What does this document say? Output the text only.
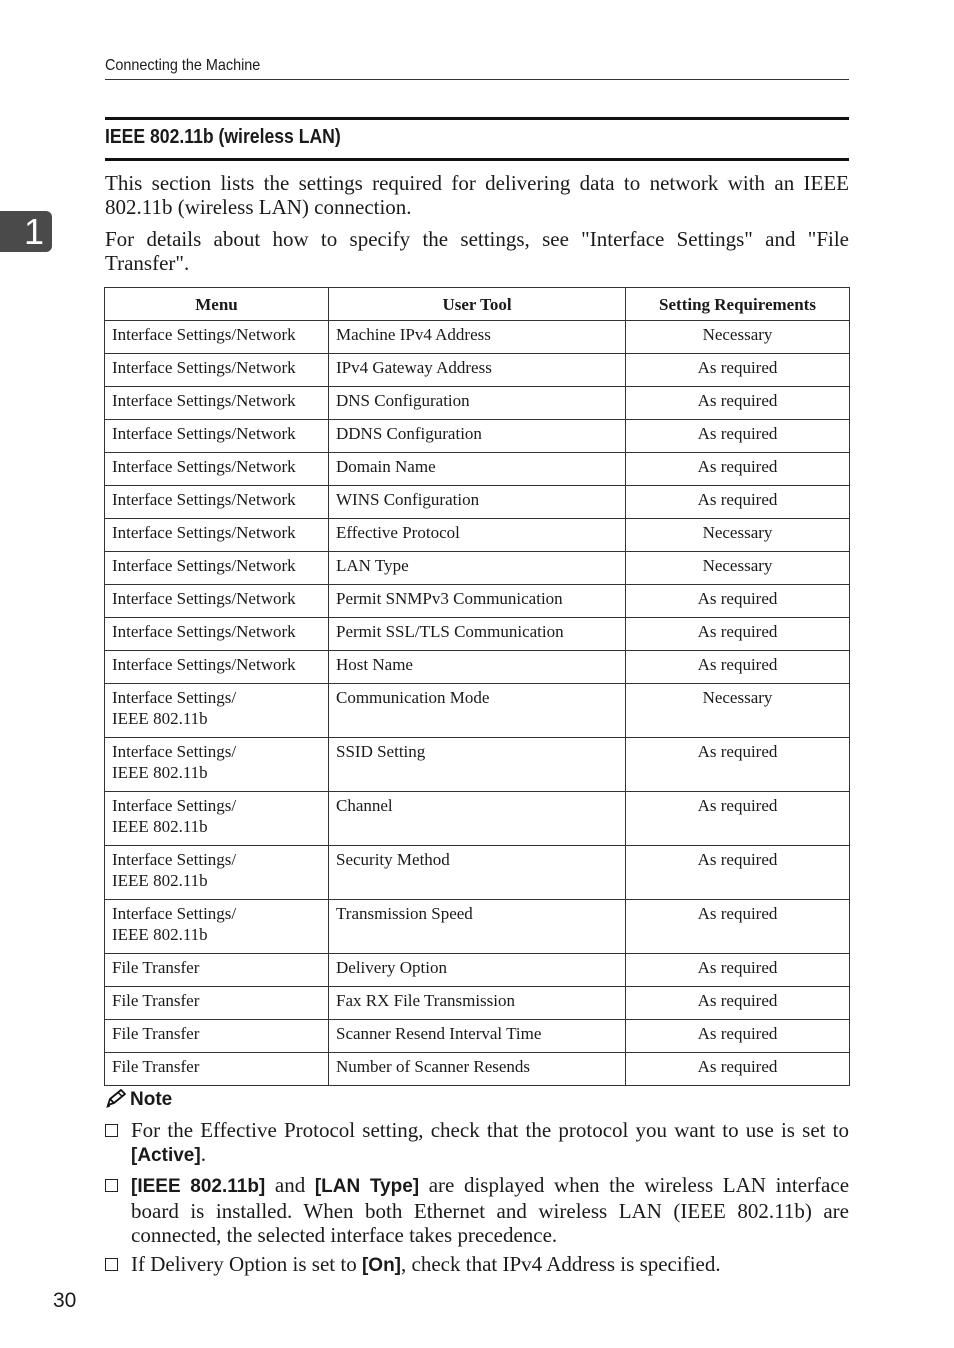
Connecting the Machine
1
IEEE 802.11b (wireless LAN)
This section lists the settings required for delivering data to network with an IEEE 802.11b (wireless LAN) connection.
For details about how to specify the settings, see "Interface Settings" and "File Transfer".
Menu	User Tool	Setting Requirements
Interface Settings/Network	Machine IPv4 Address	Necessary
Interface Settings/Network	IPv4 Gateway Address	As required
Interface Settings/Network	DNS Configuration	As required
Interface Settings/Network	DDNS Configuration	As required
Interface Settings/Network	Domain Name	As required
Interface Settings/Network	WINS Configuration	As required
Interface Settings/Network	Effective Protocol	Necessary
Interface Settings/Network	LAN Type	Necessary
Interface Settings/Network	Permit SNMPv3 Communication	As required
Interface Settings/Network	Permit SSL/TLS Communication	As required
Interface Settings/Network	Host Name	As required
Interface Settings/
IEEE 802.11b	Communication Mode	Necessary
Interface Settings/
IEEE 802.11b	SSID Setting	As required
Interface Settings/
IEEE 802.11b	Channel	As required
Interface Settings/
IEEE 802.11b	Security Method	As required
Interface Settings/
IEEE 802.11b	Transmission Speed	As required
File Transfer	Delivery Option	As required
File Transfer	Fax RX File Transmission	As required
File Transfer	Scanner Resend Interval Time	As required
File Transfer	Number of Scanner Resends	As required
Note
For the Effective Protocol setting, check that the protocol you want to use is set to [Active].
[IEEE 802.11b] and [LAN Type] are displayed when the wireless LAN interface board is installed. When both Ethernet and wireless LAN (IEEE 802.11b) are connected, the selected interface takes precedence.
If Delivery Option is set to [On], check that IPv4 Address is specified.
30
